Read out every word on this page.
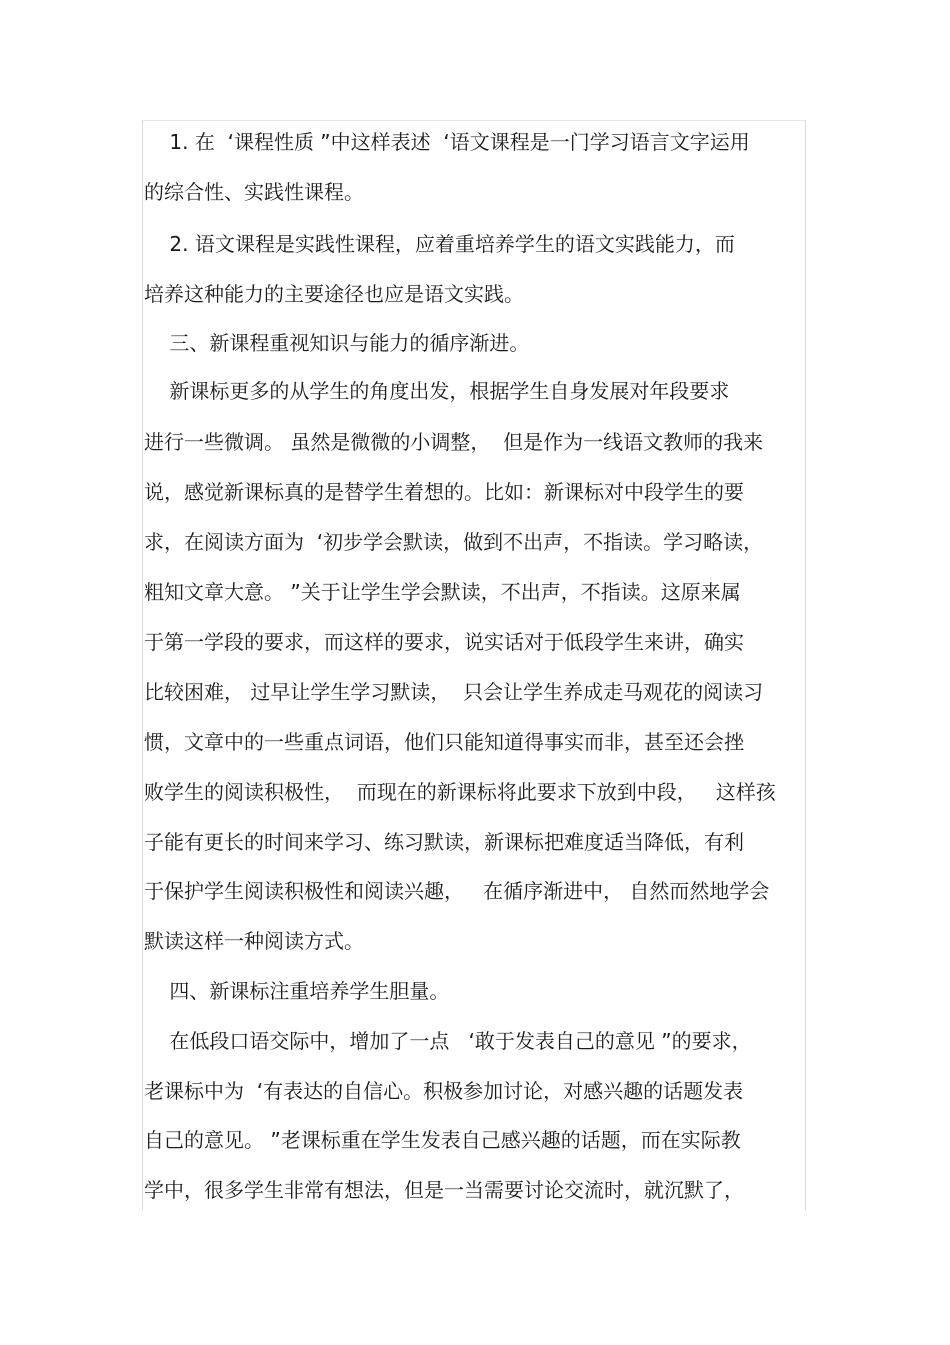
1. 在  ‘课程性质 ”中这样表述  ‘语文课程是一门学习语言文字运用
的综合性、实践性课程。
2. 语文课程是实践性课程，应着重培养学生的语文实践能力，而
培养这种能力的主要途径也应是语文实践。
三、新课程重视知识与能力的循序渐进。
新课标更多的从学生的角度出发，根据学生自身发展对年段要求
进行一些微调。 虽然是微微的小调整，  但是作为一线语文教师的我来
说，感觉新课标真的是替学生着想的。比如：新课标对中段学生的要
求，在阅读方面为  ‘初步学会默读，做到不出声，不指读。学习略读，
粗知文章大意。 ”关于让学生学会默读，不出声，不指读。这原来属
于第一学段的要求，而这样的要求，说实话对于低段学生来讲，确实
比较困难， 过早让学生学习默读，  只会让学生养成走马观花的阅读习
惯，文章中的一些重点词语，他们只能知道得事实而非，甚至还会挫
败学生的阅读积极性，  而现在的新课标将此要求下放到中段，   这样孩
子能有更长的时间来学习、练习默读，新课标把难度适当降低，有利
于保护学生阅读积极性和阅读兴趣，   在循序渐进中， 自然而然地学会
默读这样一种阅读方式。
四、新课标注重培养学生胆量。
在低段口语交际中，增加了一点   ‘敢于发表自己的意见 ”的要求，
老课标中为  ‘有表达的自信心。积极参加讨论，对感兴趣的话题发表
自己的意见。 ”老课标重在学生发表自己感兴趣的话题，而在实际教
学中，很多学生非常有想法，但是一当需要讨论交流时，就沉默了，
